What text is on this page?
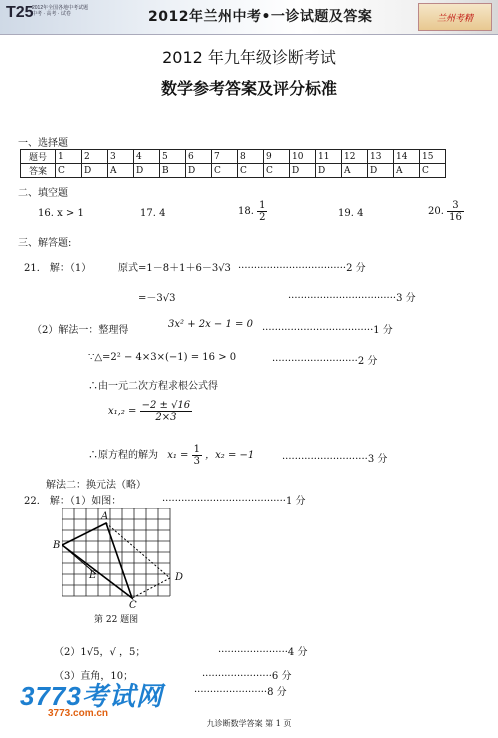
T25
2012年全国各地中考试题
中考 · 高考 · 试卷	2012年兰州中考•一诊试题及答案	兰州考精
2012 年九年级诊断考试
数学参考答案及评分标准
一、选择题
题号	1	2	3	4	5	6	7	8	9	10	11	12	13	14	15
答案	C	D	A	D	B	D	C	C	C	D	D	A	D	A	C
二、填空题
16. x > 1	17. 4	18. $\frac{1}{2}$	19. 4	20. $\frac{3}{16}$
三、解答题:
21． 解：（1）	原式=1－8＋1＋6－3√3 ··································2 分
=－3√3	··································3 分
（2）解法一：整理得
3x² + 2x − 1 = 0
···································1 分
∵△=2² − 4×3×(−1) = 16 > 0	···························2 分
∴由一元二次方程求根公式得
$x_1,_2 = \frac{-2 \pm √16}{2\times 3}$
∴原方程的解为 $x_1 = \frac{1}{3}$ ，x₂ = −1	···························3 分
解法二：换元法（略）
22． 解：（1）如图：	·······································1 分
A
B
C
D
E
第 22 题图
（2）1√5，√ ，5；	······················4 分
（3）直角，10；	······················6 分
·······················8 分
3773考试网
3773.com.cn
九诊断数学答案 第 1 页
